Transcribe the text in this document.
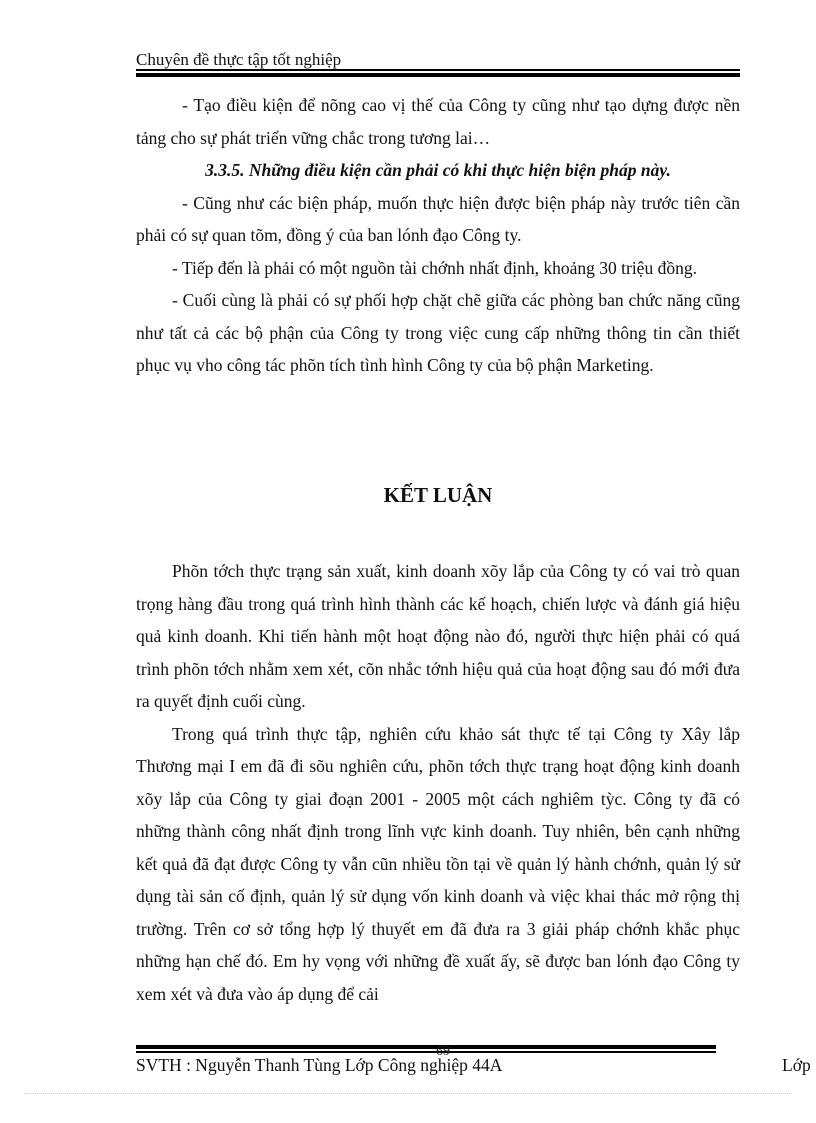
Chuyên đề thực tập tốt nghiệp

- Tạo điều kiện để nõng cao vị thế của Công ty cũng như tạo dựng được nền tảng cho sự phát triển vững chắc trong tương lai…

3.3.5. Những điều kiện cần phải có khi thực hiện biện pháp này.

- Cũng như các biện pháp, muốn thực hiện được biện pháp này trước tiên cần phải có sự quan tõm, đồng ý của ban lónh đạo Công ty.

- Tiếp đến là phải có một nguồn tài chớnh nhất định, khoảng 30 triệu đồng.

- Cuối cùng là phải có sự phối hợp chặt chẽ giữa các phòng ban chức năng cũng như tất cả các bộ phận của Công ty trong việc cung cấp những thông tin cần thiết phục vụ vho công tác phõn tích tình hình Công ty của bộ phận Marketing.

KẾT LUẬN

Phõn tớch thực trạng sản xuất, kinh doanh xõy lắp của Công ty có vai trò quan trọng hàng đầu trong quá trình hình thành các kế hoạch, chiến lược và đánh giá hiệu quả kinh doanh. Khi tiến hành một hoạt động nào đó, người thực hiện phải có quá trình phõn tớch nhằm xem xét, cõn nhắc tớnh hiệu quả của hoạt động sau đó mới đưa ra quyết định cuối cùng.

Trong quá trình thực tập, nghiên cứu khảo sát thực tế tại Công ty Xây lắp Thương mại I em đã đi sõu nghiên cứu, phõn tớch thực trạng hoạt động kinh doanh xõy lắp của Công ty giai đoạn 2001 - 2005 một cách nghiêm tỳc. Công ty đã có những thành công nhất định trong lĩnh vực kinh doanh. Tuy nhiên, bên cạnh những kết quả đã đạt được Công ty vẫn cũn nhiều tồn tại về quản lý hành chớnh, quản lý sử dụng tài sản cố định, quản lý sử dụng vốn kinh doanh và việc khai thác mở rộng thị trường. Trên cơ sở tổng hợp lý thuyết em đã đưa ra 3 giải pháp chớnh khắc phục những hạn chế đó. Em hy vọng với những đề xuất ấy, sẽ được ban lónh đạo Công ty xem xét và đưa vào áp dụng để cải

69
SVTH : Nguyễn Thanh Tùng Lớp Công nghiệp 44A	Lớp
